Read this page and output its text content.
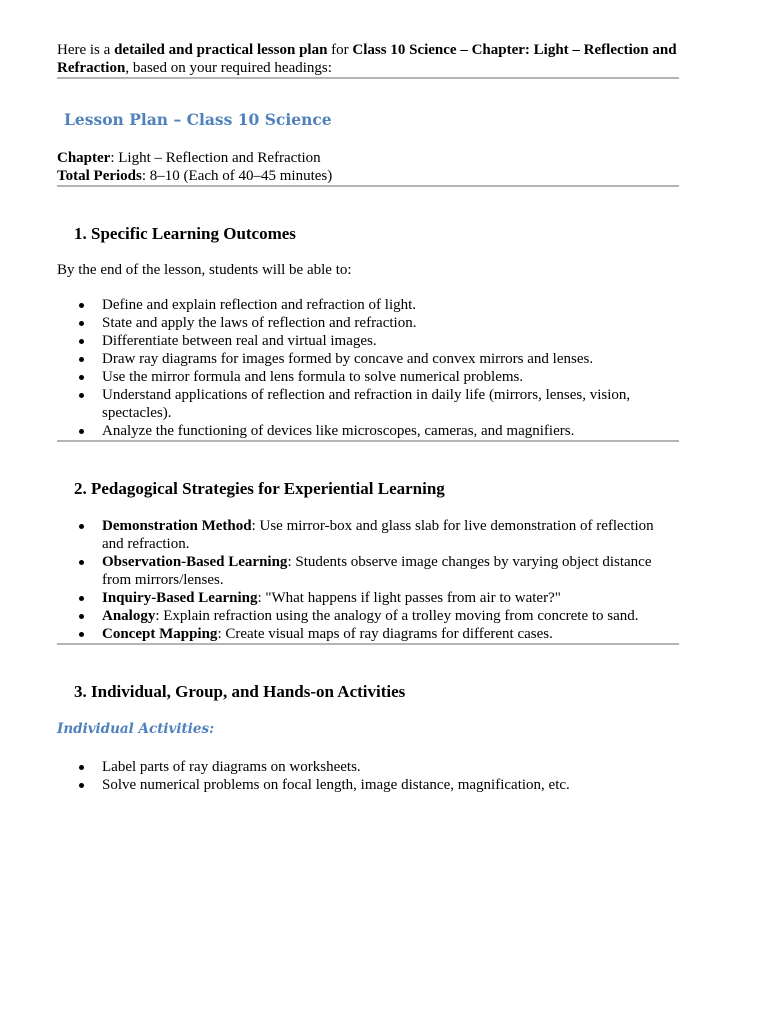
Here is a detailed and practical lesson plan for Class 10 Science – Chapter: Light – Reflection and Refraction, based on your required headings:

Lesson Plan – Class 10 Science

Chapter: Light – Reflection and Refraction

Total Periods: 8–10 (Each of 40–45 minutes)

1. Specific Learning Outcomes

By the end of the lesson, students will be able to:

Define and explain reflection and refraction of light.
State and apply the laws of reflection and refraction.
Differentiate between real and virtual images.
Draw ray diagrams for images formed by concave and convex mirrors and lenses.
Use the mirror formula and lens formula to solve numerical problems.
Understand applications of reflection and refraction in daily life (mirrors, lenses, vision, spectacles).
Analyze the functioning of devices like microscopes, cameras, and magnifiers.
2. Pedagogical Strategies for Experiential Learning
Demonstration Method: Use mirror-box and glass slab for live demonstration of reflection and refraction.
Observation-Based Learning: Students observe image changes by varying object distance from mirrors/lenses.
Inquiry-Based Learning: "What happens if light passes from air to water?"
Analogy: Explain refraction using the analogy of a trolley moving from concrete to sand.
Concept Mapping: Create visual maps of ray diagrams for different cases.
3. Individual, Group, and Hands-on Activities
Individual Activities:
Label parts of ray diagrams on worksheets.
Solve numerical problems on focal length, image distance, magnification, etc.
